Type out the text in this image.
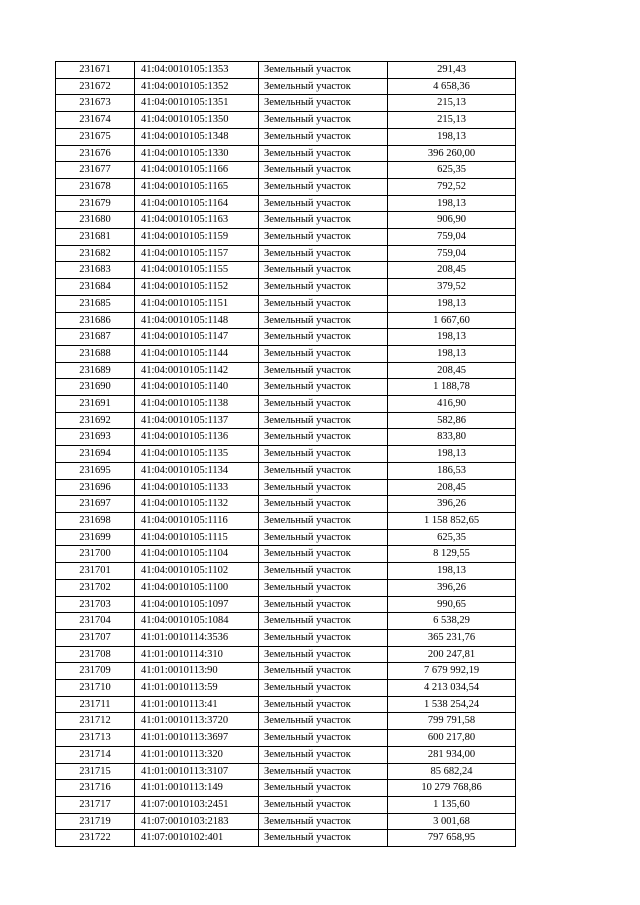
231671	41:04:0010105:1353	Земельный участок	291,43
231672	41:04:0010105:1352	Земельный участок	4 658,36
231673	41:04:0010105:1351	Земельный участок	215,13
231674	41:04:0010105:1350	Земельный участок	215,13
231675	41:04:0010105:1348	Земельный участок	198,13
231676	41:04:0010105:1330	Земельный участок	396 260,00
231677	41:04:0010105:1166	Земельный участок	625,35
231678	41:04:0010105:1165	Земельный участок	792,52
231679	41:04:0010105:1164	Земельный участок	198,13
231680	41:04:0010105:1163	Земельный участок	906,90
231681	41:04:0010105:1159	Земельный участок	759,04
231682	41:04:0010105:1157	Земельный участок	759,04
231683	41:04:0010105:1155	Земельный участок	208,45
231684	41:04:0010105:1152	Земельный участок	379,52
231685	41:04:0010105:1151	Земельный участок	198,13
231686	41:04:0010105:1148	Земельный участок	1 667,60
231687	41:04:0010105:1147	Земельный участок	198,13
231688	41:04:0010105:1144	Земельный участок	198,13
231689	41:04:0010105:1142	Земельный участок	208,45
231690	41:04:0010105:1140	Земельный участок	1 188,78
231691	41:04:0010105:1138	Земельный участок	416,90
231692	41:04:0010105:1137	Земельный участок	582,86
231693	41:04:0010105:1136	Земельный участок	833,80
231694	41:04:0010105:1135	Земельный участок	198,13
231695	41:04:0010105:1134	Земельный участок	186,53
231696	41:04:0010105:1133	Земельный участок	208,45
231697	41:04:0010105:1132	Земельный участок	396,26
231698	41:04:0010105:1116	Земельный участок	1 158 852,65
231699	41:04:0010105:1115	Земельный участок	625,35
231700	41:04:0010105:1104	Земельный участок	8 129,55
231701	41:04:0010105:1102	Земельный участок	198,13
231702	41:04:0010105:1100	Земельный участок	396,26
231703	41:04:0010105:1097	Земельный участок	990,65
231704	41:04:0010105:1084	Земельный участок	6 538,29
231707	41:01:0010114:3536	Земельный участок	365 231,76
231708	41:01:0010114:310	Земельный участок	200 247,81
231709	41:01:0010113:90	Земельный участок	7 679 992,19
231710	41:01:0010113:59	Земельный участок	4 213 034,54
231711	41:01:0010113:41	Земельный участок	1 538 254,24
231712	41:01:0010113:3720	Земельный участок	799 791,58
231713	41:01:0010113:3697	Земельный участок	600 217,80
231714	41:01:0010113:320	Земельный участок	281 934,00
231715	41:01:0010113:3107	Земельный участок	85 682,24
231716	41:01:0010113:149	Земельный участок	10 279 768,86
231717	41:07:0010103:2451	Земельный участок	1 135,60
231719	41:07:0010103:2183	Земельный участок	3 001,68
231722	41:07:0010102:401	Земельный участок	797 658,95
